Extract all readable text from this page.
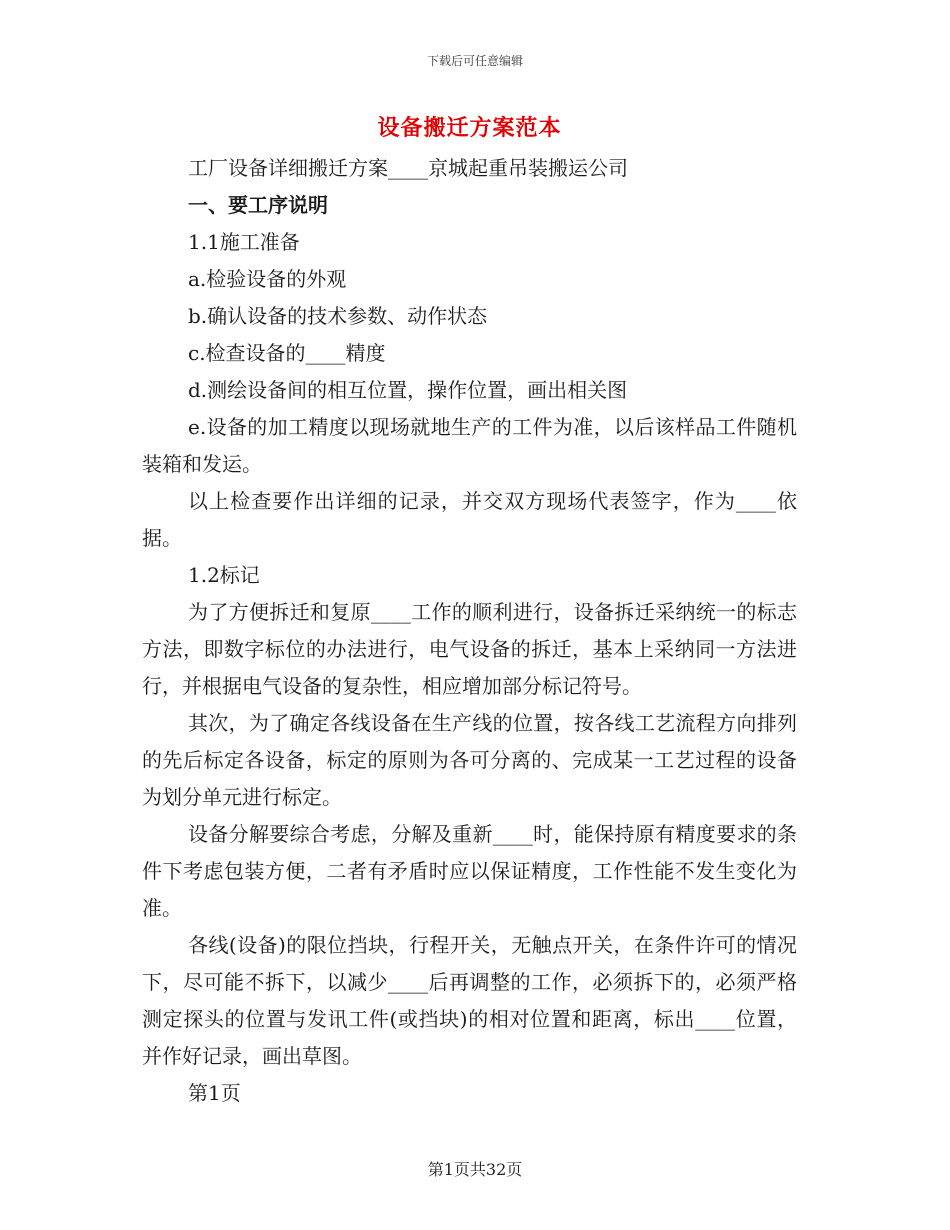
下载后可任意编辑
设备搬迁方案范本

工厂设备详细搬迁方案____京城起重吊装搬运公司

一、要工序说明

1.1施工准备

a.检验设备的外观

b.确认设备的技术参数、动作状态

c.检查设备的____精度

d.测绘设备间的相互位置，操作位置，画出相关图

e.设备的加工精度以现场就地生产的工件为准，以后该样品工件随机装箱和发运。

以上检查要作出详细的记录，并交双方现场代表签字，作为____依据。

1.2标记

为了方便拆迁和复原____工作的顺利进行，设备拆迁采纳统一的标志方法，即数字标位的办法进行，电气设备的拆迁，基本上采纳同一方法进行，并根据电气设备的复杂性，相应增加部分标记符号。

其次，为了确定各线设备在生产线的位置，按各线工艺流程方向排列的先后标定各设备，标定的原则为各可分离的、完成某一工艺过程的设备为划分单元进行标定。

设备分解要综合考虑，分解及重新____时，能保持原有精度要求的条件下考虑包装方便，二者有矛盾时应以保证精度，工作性能不发生变化为准。

各线(设备)的限位挡块，行程开关，无触点开关，在条件许可的情况下，尽可能不拆下，以减少____后再调整的工作，必须拆下的，必须严格测定探头的位置与发讯工件(或挡块)的相对位置和距离，标出____位置，并作好记录，画出草图。

第1页

第1页共32页
